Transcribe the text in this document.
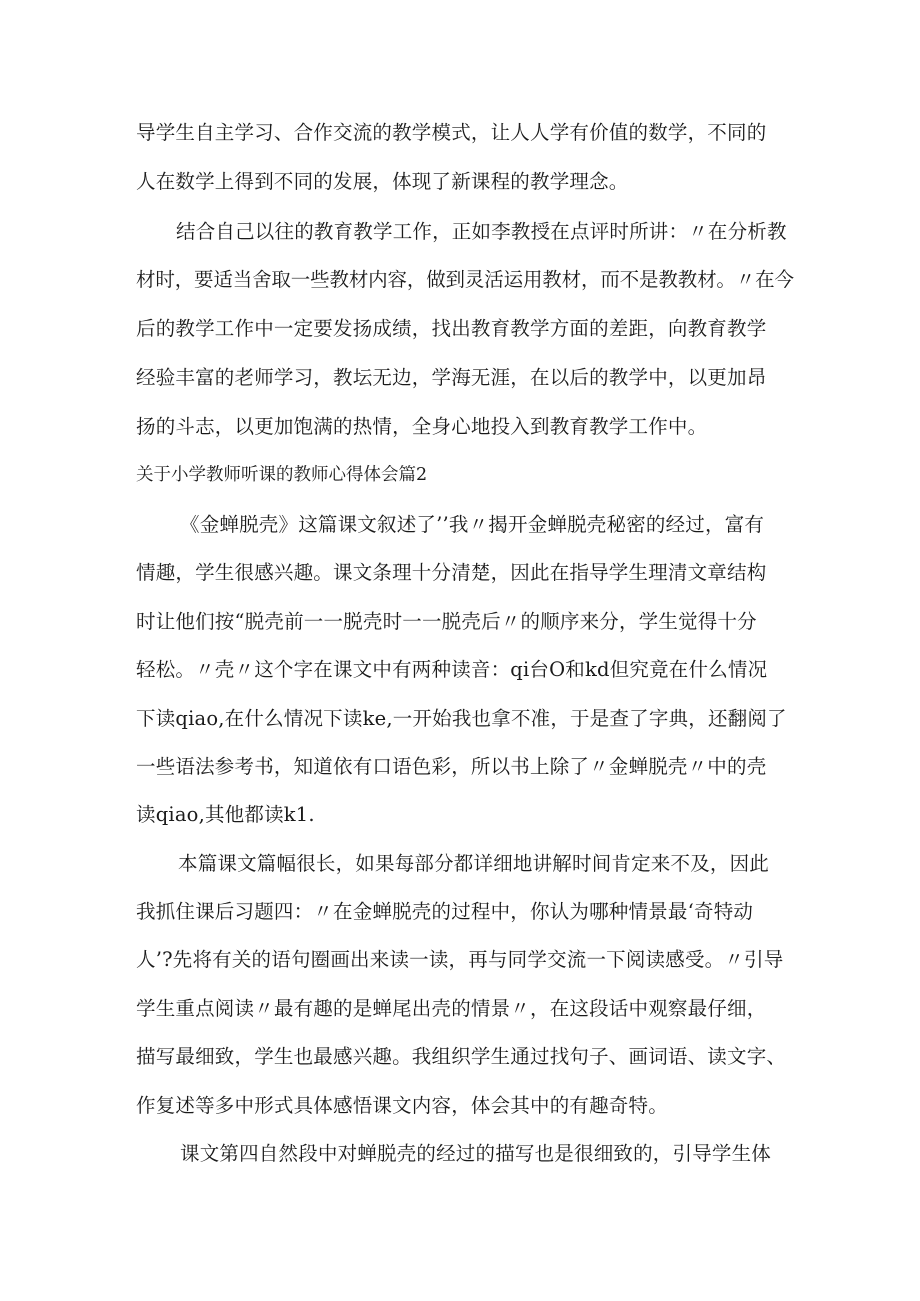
导学生自主学习、合作交流的教学模式，让人人学有价值的数学，不同的
人在数学上得到不同的发展，体现了新课程的教学理念。
结合自己以往的教育教学工作，正如李教授在点评时所讲：〃在分析教
材时，要适当舍取一些教材内容，做到灵活运用教材，而不是教教材。〃在今
后的教学工作中一定要发扬成绩，找出教育教学方面的差距，向教育教学
经验丰富的老师学习，教坛无边，学海无涯，在以后的教学中，以更加昂
扬的斗志，以更加饱满的热情，全身心地投入到教育教学工作中。
关于小学教师听课的教师心得体会篇2
《金蝉脱壳》这篇课文叙述了’’我〃揭开金蝉脱壳秘密的经过，富有
情趣，学生很感兴趣。课文条理十分清楚，因此在指导学生理清文章结构
时让他们按“脱壳前一一脱壳时一一脱壳后〃的顺序来分，学生觉得十分
轻松。〃壳〃这个字在课文中有两种读音：qi台O和kd但究竟在什么情况
下读qiao,在什么情况下读ke,一开始我也拿不准，于是查了字典，还翻阅了
一些语法参考书，知道依有口语色彩，所以书上除了〃金蝉脱壳〃中的壳
读qiao,其他都读k1.
本篇课文篇幅很长，如果每部分都详细地讲解时间肯定来不及，因此
我抓住课后习题四：〃在金蝉脱壳的过程中，你认为哪种情景最‘奇特动
人’?先将有关的语句圈画出来读一读，再与同学交流一下阅读感受。〃引导
学生重点阅读〃最有趣的是蝉尾出壳的情景〃，在这段话中观察最仔细，
描写最细致，学生也最感兴趣。我组织学生通过找句子、画词语、读文字、
作复述等多中形式具体感悟课文内容，体会其中的有趣奇特。
课文第四自然段中对蝉脱壳的经过的描写也是很细致的，引导学生体
